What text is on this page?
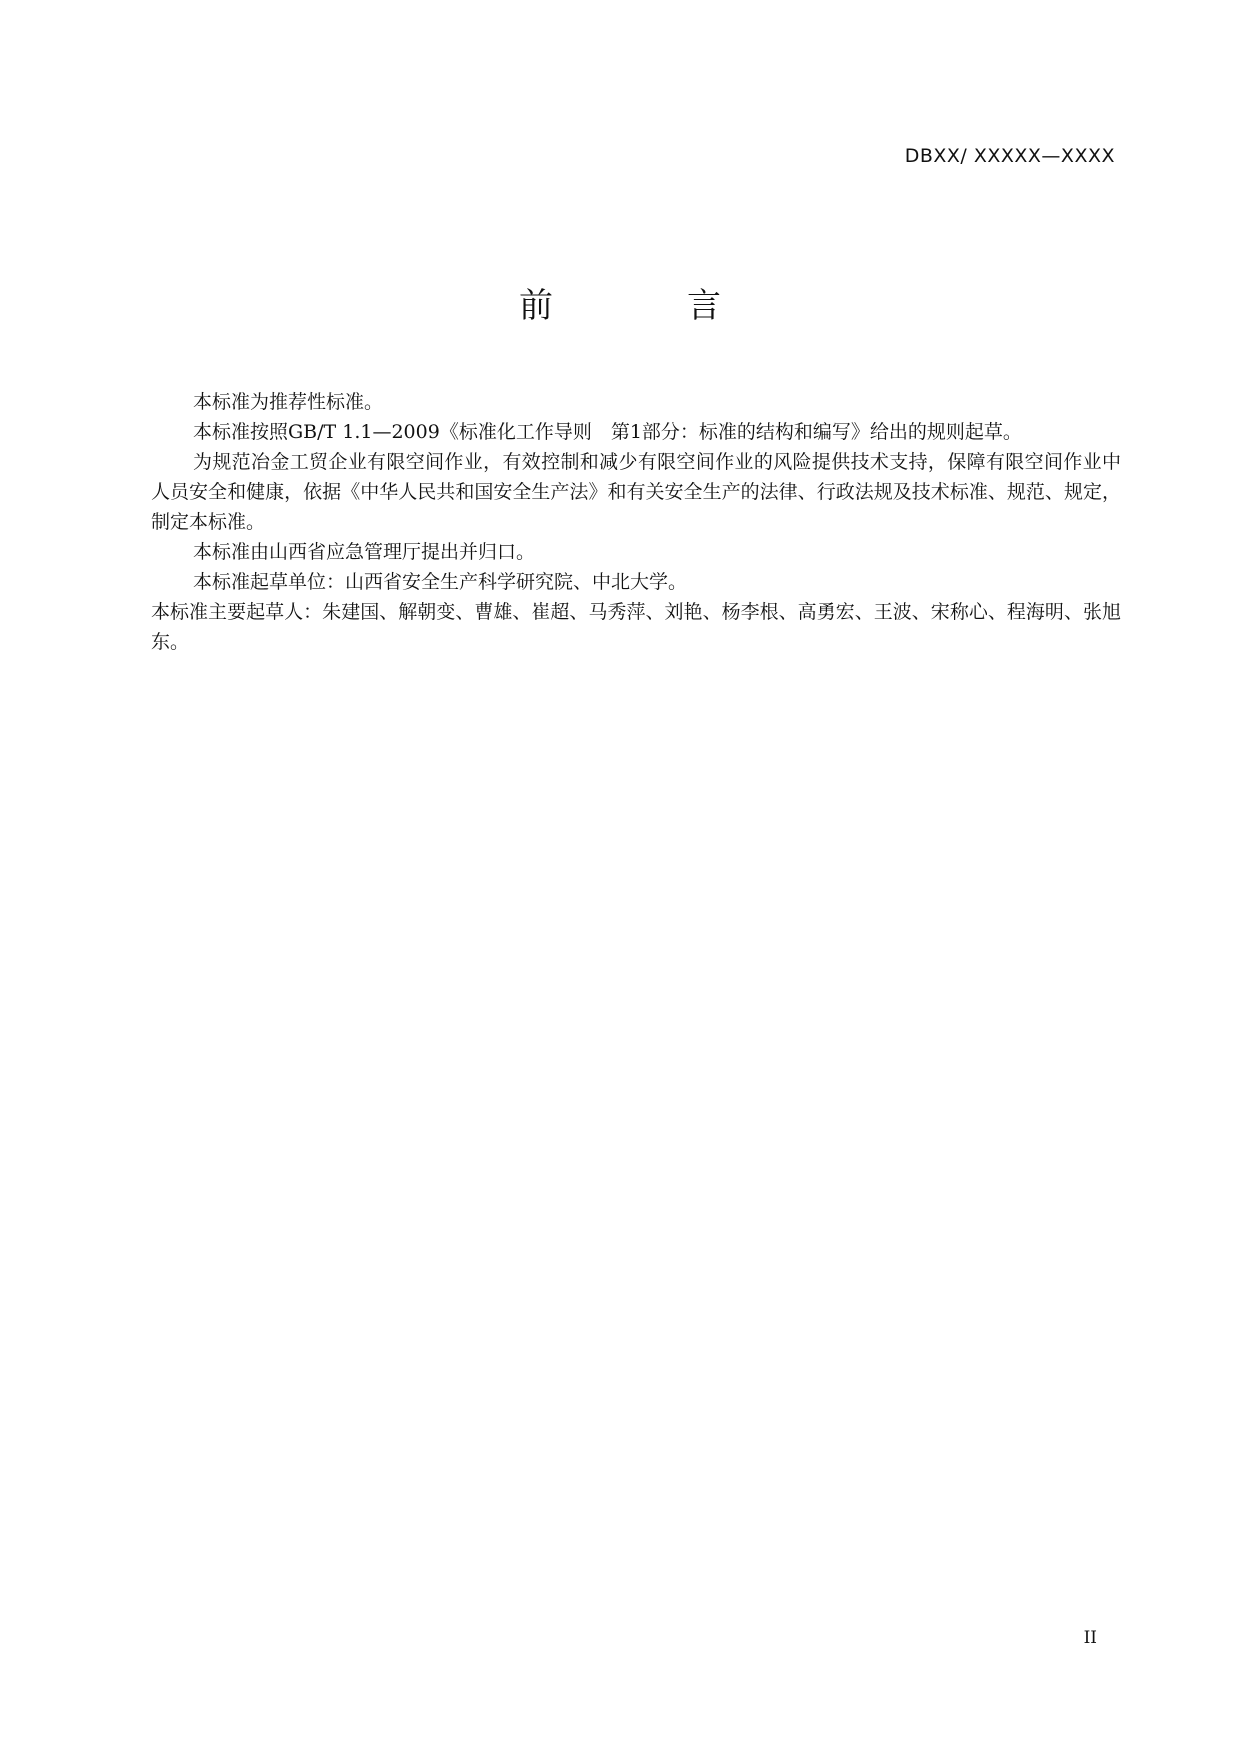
DBXX/ XXXXX—XXXX
前　言

本标准为推荐性标准。

本标准按照GB/T 1.1—2009《标准化工作导则　第1部分：标准的结构和编写》给出的规则起草。

为规范冶金工贸企业有限空间作业，有效控制和减少有限空间作业的风险提供技术支持，保障有限空间作业中人员安全和健康，依据《中华人民共和国安全生产法》和有关安全生产的法律、行政法规及技术标准、规范、规定，制定本标准。

本标准由山西省应急管理厅提出并归口。

本标准起草单位：山西省安全生产科学研究院、中北大学。

本标准主要起草人：朱建国、解朝变、曹雄、崔超、马秀萍、刘艳、杨李根、高勇宏、王波、宋称心、程海明、张旭东。

II
